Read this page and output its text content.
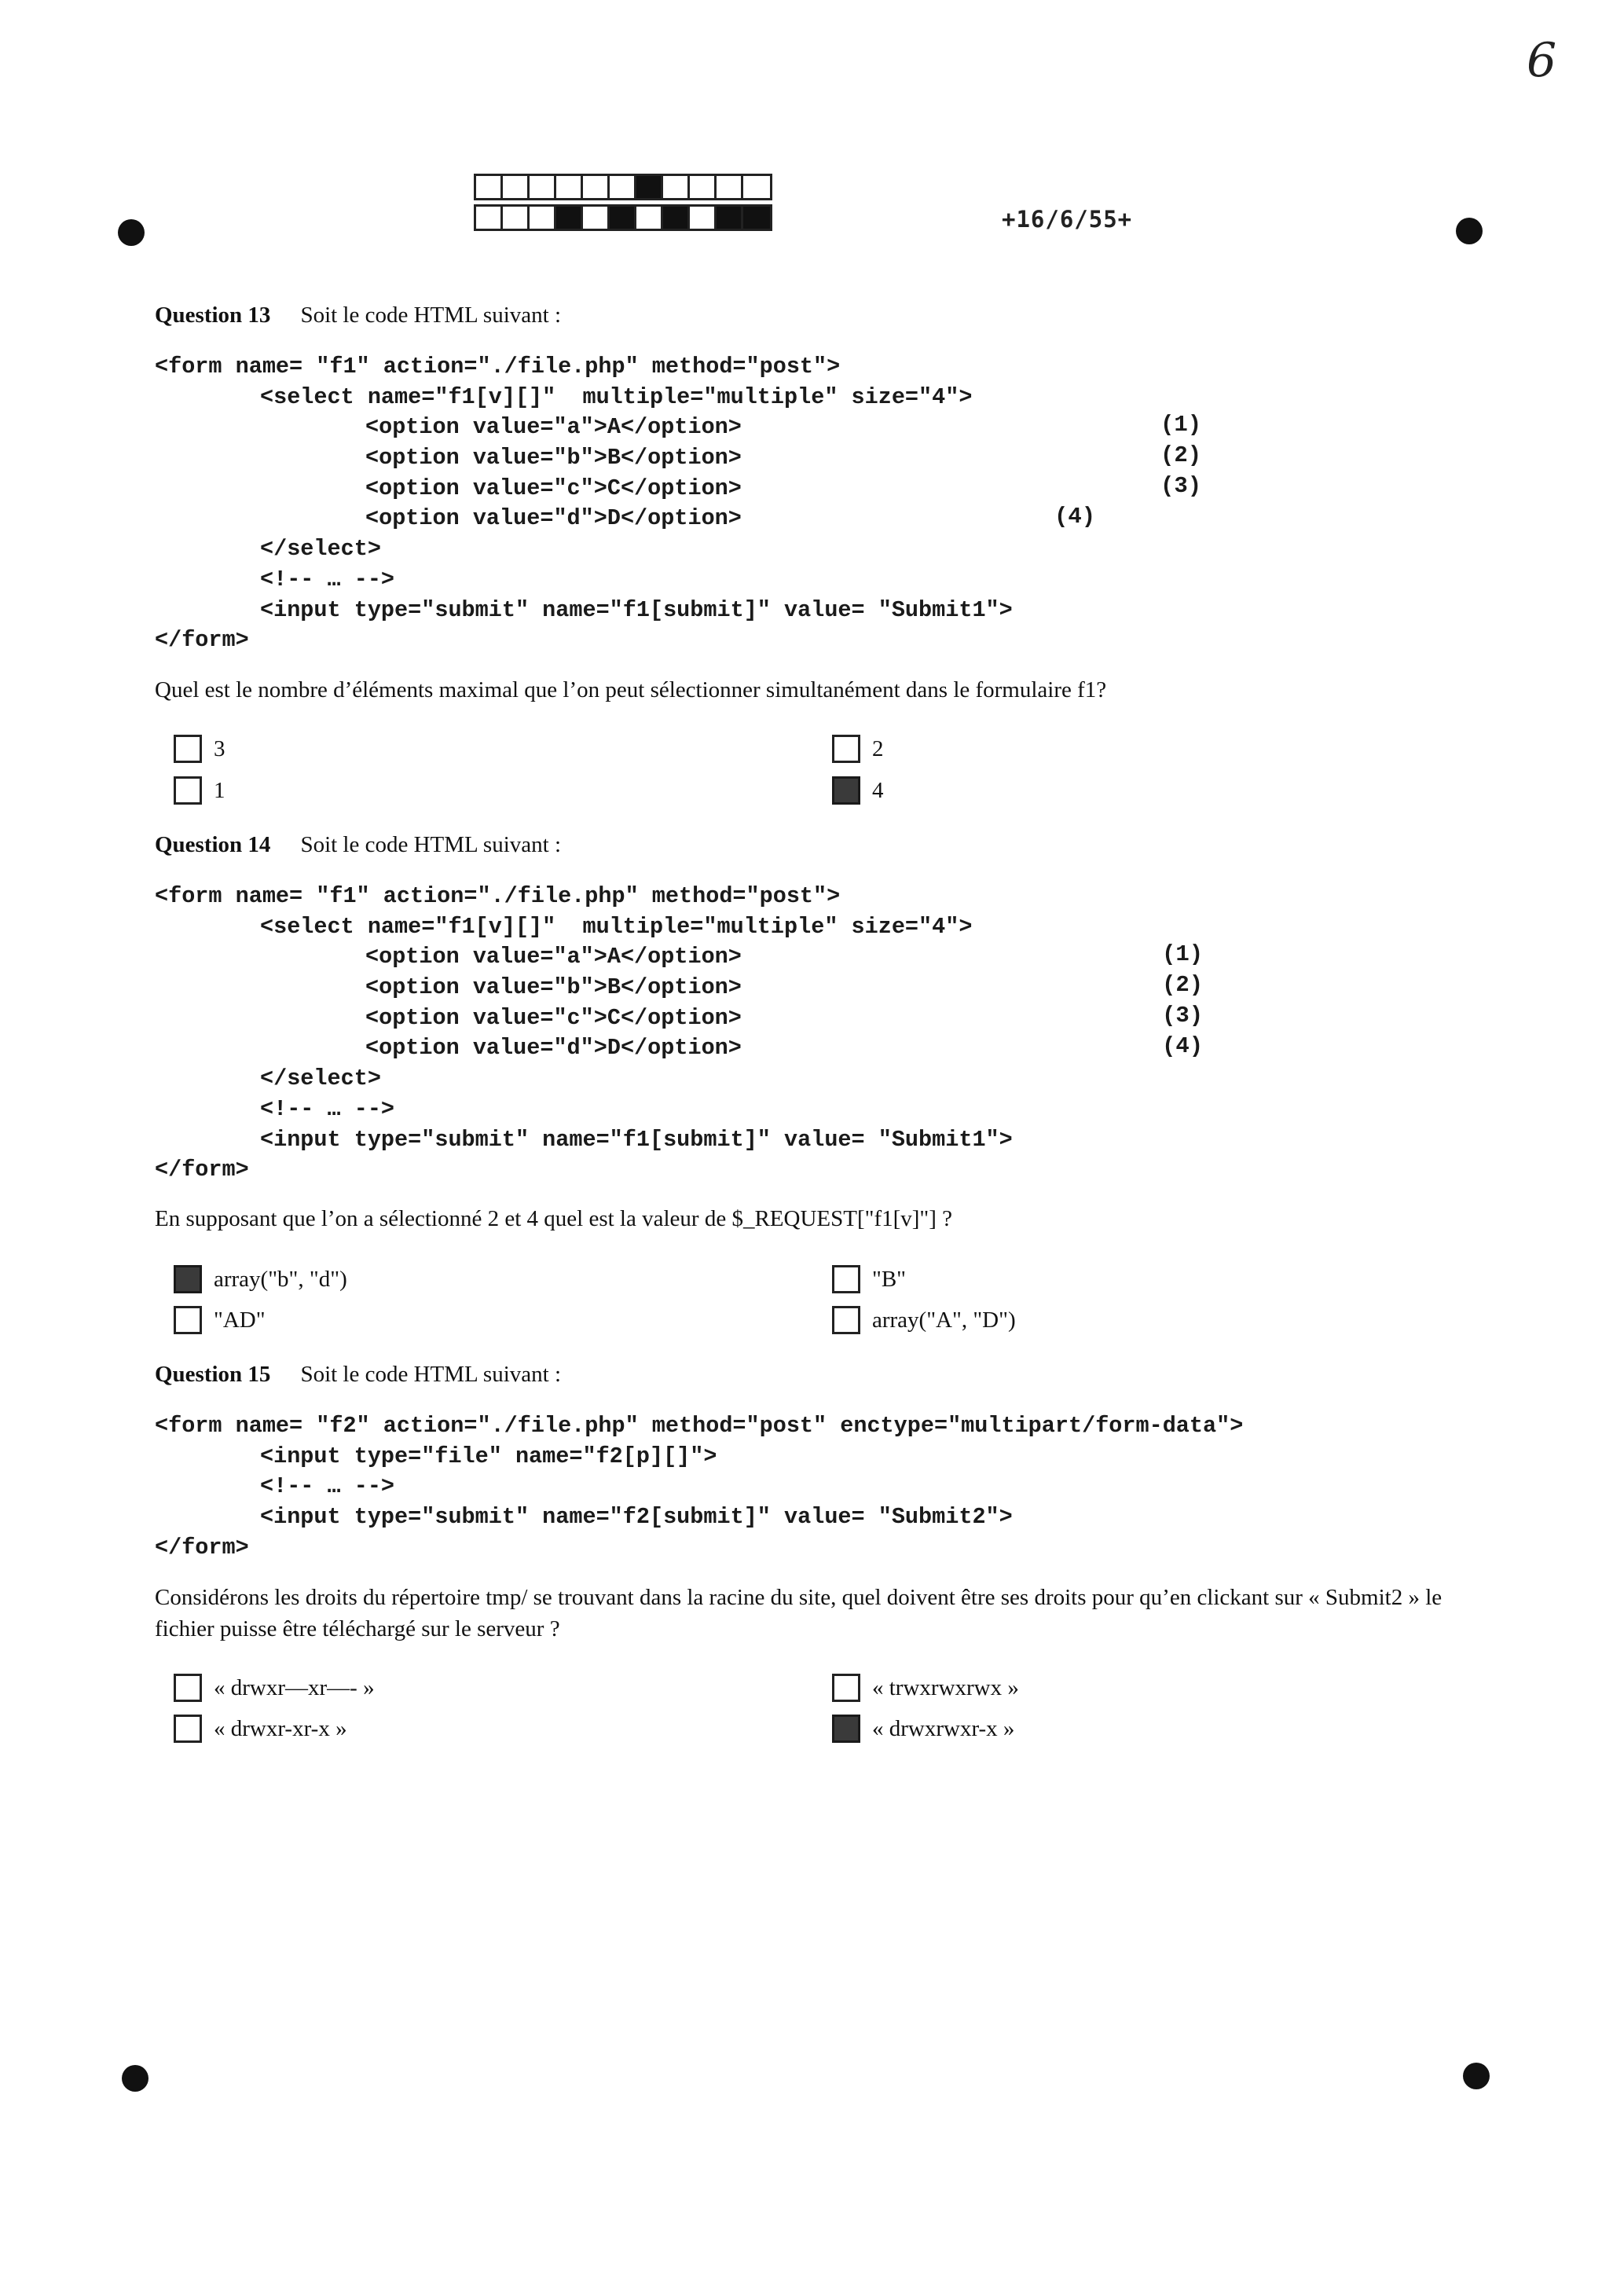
6
+16/6/55+
Question 13 Soit le code HTML suivant :
<form name= "f1" action="./file.php" method="post">
<select name="f1[v][]"  multiple="multiple" size="4">
<option value="a">A</option>
<option value="b">B</option>
<option value="c">C</option>
<option value="d">D</option>
</select>
<!-- … -->
<input type="submit" name="f1[submit]" value= "Submit1">
</form>
(1)
(2)
(3)
(4)
Quel est le nombre d’éléments maximal que l’on peut sélectionner simultanément dans le formulaire f1?
3
1
2
4
Question 14 Soit le code HTML suivant :
<form name= "f1" action="./file.php" method="post">
<select name="f1[v][]"  multiple="multiple" size="4">
<option value="a">A</option>
<option value="b">B</option>
<option value="c">C</option>
<option value="d">D</option>
</select>
<!-- … -->
<input type="submit" name="f1[submit]" value= "Submit1">
</form>
(1)
(2)
(3)
(4)
En supposant que l’on a sélectionné 2 et 4 quel est la valeur de $_REQUEST["f1[v]"] ?
array("b", "d")
"AD"
"B"
array("A", "D")
Question 15 Soit le code HTML suivant :
<form name= "f2" action="./file.php" method="post" enctype="multipart/form-data">
<input type="file" name="f2[p][]">
<!-- … -->
<input type="submit" name="f2[submit]" value= "Submit2">
</form>
Considérons les droits du répertoire tmp/ se trouvant dans la racine du site, quel doivent être ses droits pour qu’en clickant sur « Submit2 » le fichier puisse être téléchargé sur le serveur ?
« drwxr—xr—- »
« drwxr-xr-x »
« trwxrwxrwx »
« drwxrwxr-x »
